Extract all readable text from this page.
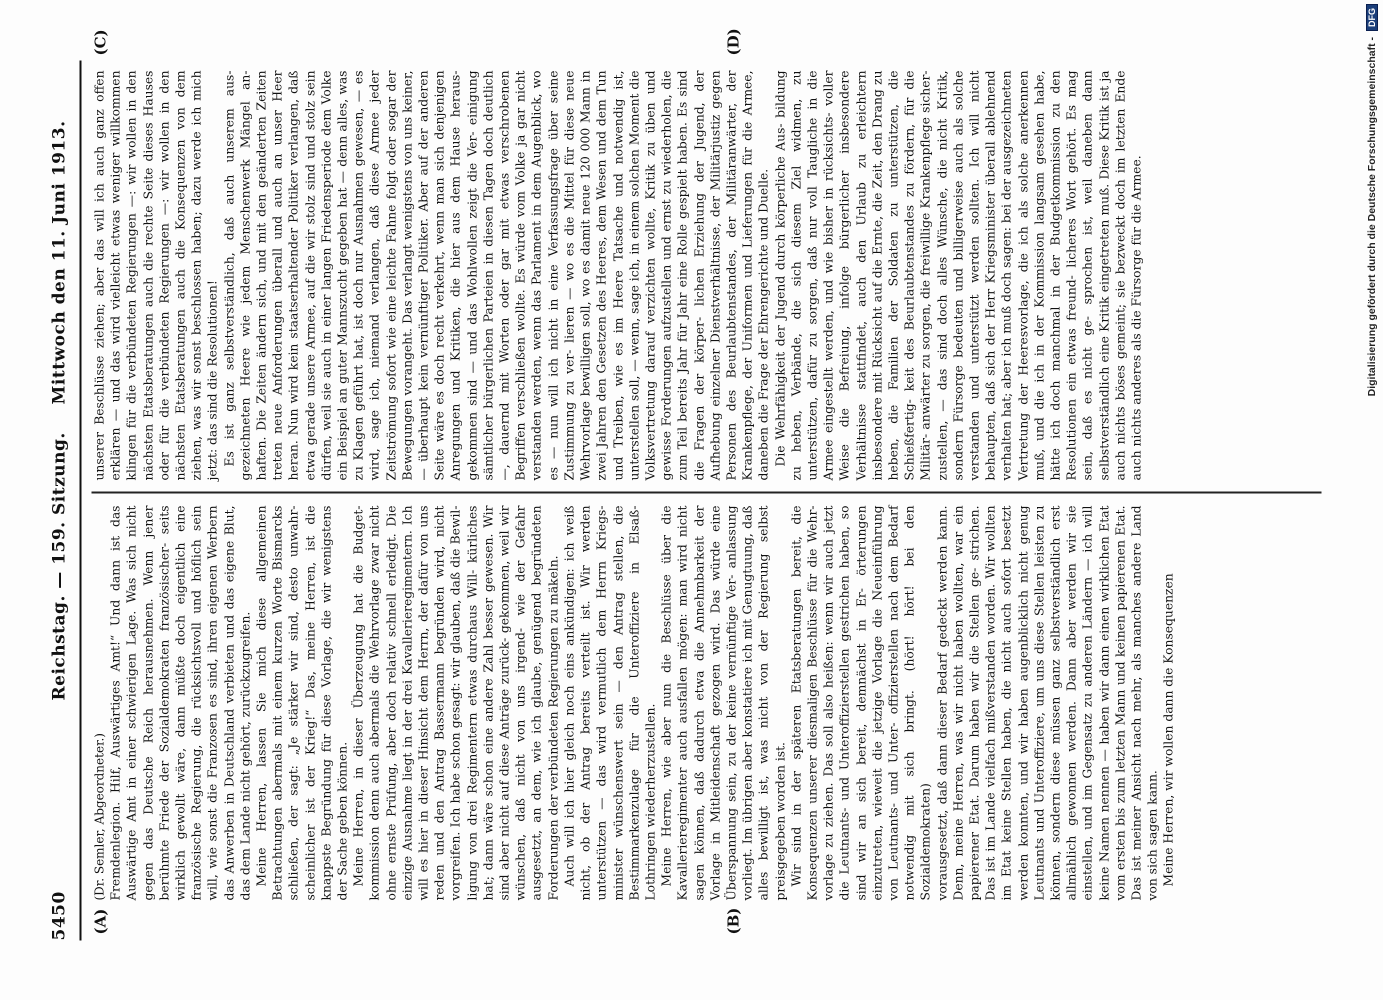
5450
Reichstag. — 159. Sitzung.
Mittwoch den 11. Juni 1913.
(A)	(B)
(C)	(D)

(Dr. Semler, Abgeordneter.) Fremdenlegion. Hilf, Auswärtiges Amt!“ Und dann ist das Auswärtige Amt in einer schwierigen Lage. Was sich nicht gegen das Deutsche Reich herausnehmen. Wenn jener berühmte Friede der Sozialdemokraten französischer- seits wirklich gewollt wäre, dann müßte doch eigentlich eine französische Regierung, die rücksichtsvoll und höflich sein will, wie sonst die Franzosen es sind, ihren eigenen Werbern das Anwerben in Deutschland verbieten und das eigene Blut, das dem Lande nicht gehört, zurückzugreifen. Meine Herren, lassen Sie mich diese allgemeinen Betrachtungen abermals mit einem kurzen Worte Bismarcks schließen, der sagt: „Je stärker wir sind, desto unwahr- scheinlicher ist der Krieg!“ Das, meine Herren, ist die knappste Begründung für diese Vorlage, die wir wenigstens der Sache geben können. Meine Herren, in dieser Überzeugung hat die Budget- kommission denn auch abermals die Wehrvorlage zwar nicht ohne ernste Prüfung, aber doch relativ schnell erledigt. Die einzige Ausnahme liegt in der drei Kavallerieregimentern. Ich will es hier in dieser Hinsicht dem Herrn, der dafür von uns reden und den Antrag Bassermann begründen wird, nicht vorgreifen. Ich habe schon gesagt: wir glauben, daß die Bewil- ligung von drei Regimentern etwas durchaus Will- kürliches hat; dann wäre schon eine andere Zahl besser gewesen. Wir sind aber nicht auf diese Anträge zurück- gekommen, weil wir wünschen, daß nicht von uns irgend- wie der Gefahr ausgesetzt, an dem, wie ich glaube, genügend begründeten Forderungen der verbündeten Regierungen zu mäkeln. Auch will ich hier gleich noch eins ankündigen: ich weiß nicht, ob der Antrag bereits verteilt ist. Wir werden unterstützen — das wird vermutlich dem Herrn Kriegs- minister wünschenswert sein — den Antrag stellen, die Bestimmarkenzulage für die Unteroffiziere in Elsaß- Lothringen wiederherzustellen. Meine Herren, wie aber nun die Beschlüsse über die Kavallerieregimenter auch ausfallen mögen: man wird nicht sagen können, daß dadurch etwa die Annehmbarkeit der Vorlage in Mitleidenschaft gezogen wird. Das würde eine Überspannung sein, zu der keine vernünftige Ver- anlassung vorliegt. Im übrigen aber konstatiere ich mit Genugtuung, daß alles bewilligt ist, was nicht von der Regierung selbst preisgegeben worden ist. Wir sind in der späteren Etatsberatungen bereit, die Konsequenzen unserer diesmaligen Beschlüsse für die Wehr- vorlage zu ziehen. Das soll also heißen: wenn wir auch jetzt die Leutnants- und Unteroffizierstellen gestrichen haben, so sind wir an sich bereit, demnächst in Er- örterungen einzutreten, wieweit die jetzige Vorlage die Neueinführung von Leutnants- und Unter- offizierstellen nach dem Bedarf notwendig mit sich bringt. (hört! hört! bei den Sozialdemokraten) vorausgesetzt, daß dann dieser Bedarf gedeckt werden kann. Denn, meine Herren, was wir nicht haben wollten, war ein papierener Etat. Darum haben wir die Stellen ge- strichen. Das ist im Lande vielfach mißverstanden worden. Wir wollten im Etat keine Stellen haben, die nicht auch sofort besetzt werden konnten, und wir haben augenblicklich nicht genug Leutnants und Unteroffiziere, um uns diese Stellen leisten zu können, sondern diese müssen ganz selbstverständlich erst allmählich gewonnen werden. Dann aber werden wir sie einstellen, und im Gegensatz zu anderen Ländern — ich will keine Namen nennen — haben wir dann einen wirklichen Etat vom ersten bis zum letzten Mann und keinen papierenen Etat. Das ist meiner Ansicht nach mehr, als manches andere Land von sich sagen kann. Meine Herren, wir wollen dann die Konsequenzen

unserer Beschlüsse ziehen; aber das will ich auch ganz offen erklären — und das wird vielleicht etwas weniger willkommen klingen für die verbündeten Regierungen —: wir wollen in den nächsten Etatsberatungen auch die rechte Seite dieses Hauses oder für die verbündeten Regierungen —: wir wollen in den nächsten Etatsberatungen auch die Konsequenzen von dem ziehen, was wir sonst beschlossen haben; dazu werde ich mich jetzt: das sind die Resolutionen! Es ist ganz selbstverständlich, daß auch unserem aus- gezeichneten Heere wie jedem Menschenwerk Mängel an- haften. Die Zeiten ändern sich, und mit den geänderten Zeiten treten neue Anforderungen überall und auch an unser Heer heran. Nun wird kein staatserhaltender Politiker verlangen, daß etwa gerade unsere Armee, auf die wir stolz sind und stolz sein dürfen, weil sie auch in einer langen Friedensperiode dem Volke ein Beispiel an guter Mannszucht gegeben hat — denn alles, was zu Klagen geführt hat, ist doch nur Ausnahmen gewesen, — es wird, sage ich, niemand verlangen, daß diese Armee jeder Zeitströmung sofort wie eine leichte Fahne folgt oder sogar der Bewegungen vorangeht. Das verlangt wenigstens von uns keiner, — überhaupt kein vernünftiger Politiker. Aber auf der anderen Seite wäre es doch recht verkehrt, wenn man sich denjenigen Anregungen und Kritiken, die hier aus dem Hause heraus- gekommen sind — und das Wohlwollen zeigt die Ver- einigung sämtlicher bürgerlichen Parteien in diesen Tagen doch deutlich —, dauernd mit Worten oder gar mit etwas verschrobenen Begriffen verschließen wollte. Es würde vom Volke ja gar nicht verstanden werden, wenn das Parlament in dem Augenblick, wo es — nun will ich nicht in eine Verfassungsfrage über seine Zustimmung zu ver- lieren — wo es die Mittel für diese neue Wehrvorlage bewilligen soll, wo es damit neue 120 000 Mann in zwei Jahren den Gesetzen des Heeres, dem Wesen und dem Tun und Treiben, wie es im Heere Tatsache und notwendig ist, unterstellen soll, — wenn, sage ich, in einem solchen Moment die Volksvertretung darauf verzichten wollte, Kritik zu üben und gewisse Forderungen aufzustellen und ernst zu wiederholen, die zum Teil bereits Jahr für Jahr eine Rolle gespielt haben. Es sind die Fragen der körper- lichen Erziehung der Jugend, der Aufhebung einzelner Dienstverhältnisse, der Militärjustiz gegen Personen des Beurlaubtenstandes, der Militäranwärter, der Krankenpflege, der Uniformen und Lieferungen für die Armee, daneben die Frage der Ehrengerichte und Duelle. Die Wehrfähigkeit der Jugend durch körperliche Aus- bildung zu heben, Verbände, die sich diesem Ziel widmen, zu unterstützen, dafür zu sorgen, daß nur voll Taugliche in die Armee eingestellt werden, und wie bisher in rücksichts- voller Weise die Befreiung, infolge bürgerlicher insbesondere Verhältnisse stattfindet, auch den Urlaub zu erleichtern insbesondere mit Rücksicht auf die Ernte, die Zeit, den Drang zu heben, die Familien der Soldaten zu unterstützen, die Schießfertig- keit des Beurlaubtenstandes zu fördern, für die Militär- anwärter zu sorgen, die freiwillige Krankenpflege sicher- zustellen, — das sind doch alles Wünsche, die nicht Kritik, sondern Fürsorge bedeuten und billigerweise auch als solche verstanden und unterstützt werden sollten. Ich will nicht behaupten, daß sich der Herr Kriegsminister überall ablehnend verhalten hat; aber ich muß doch sagen: bei der ausgezeichneten Vertretung der Heeresvorlage, die ich als solche anerkennen muß, und die ich in der Kommission langsam gesehen habe, hätte ich doch manchmal in der Budgetkommission zu den Resolutionen ein etwas freund- licheres Wort gehört. Es mag sein, daß es nicht ge- sprochen ist, weil daneben dann selbstverständlich eine Kritik eingetreten muß. Diese Kritik ist ja auch nichts böses gemeint; sie bezweckt doch im letzten Ende auch nichts anderes als die Fürsorge für die Armee.	Digitalisierung gefördert durch die Deutsche Forschungsgemeinschaft -DFG
